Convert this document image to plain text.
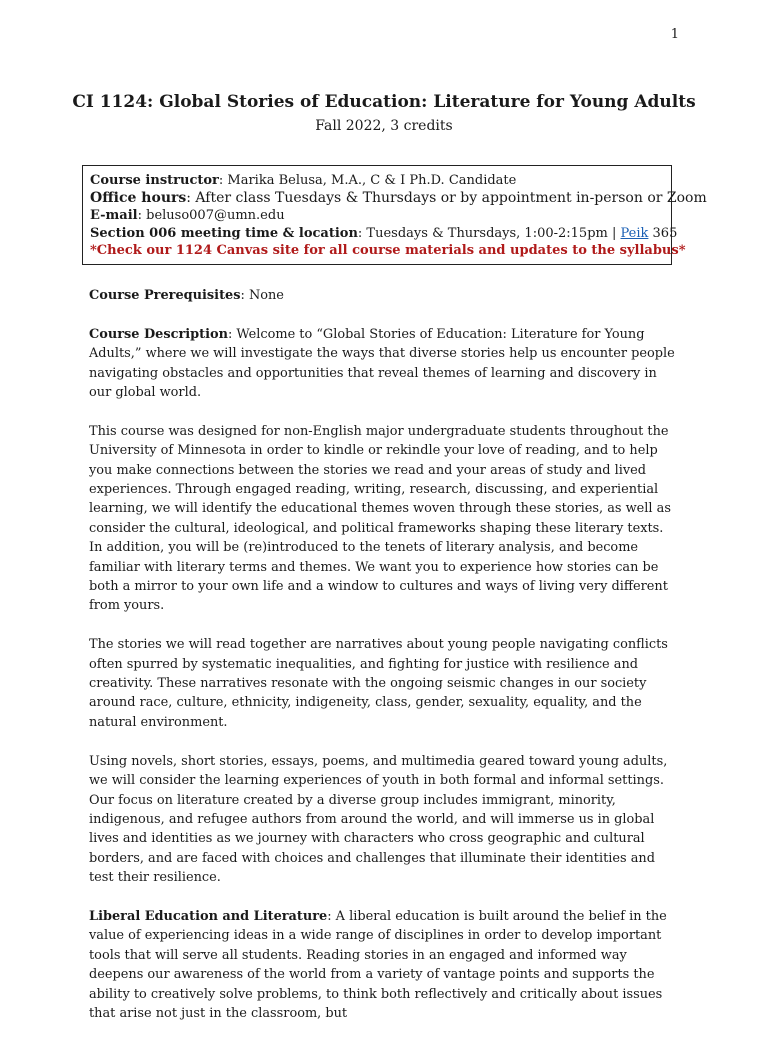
1
CI 1124: Global Stories of Education: Literature for Young Adults
Fall 2022, 3 credits
Course instructor: Marika Belusa, M.A., C & I Ph.D. Candidate
Office hours: After class Tuesdays & Thursdays or by appointment in-person or Zoom
E-mail: beluso007@umn.edu
Section 006 meeting time & location: Tuesdays & Thursdays, 1:00-2:15pm | Peik 365
*Check our 1124 Canvas site for all course materials and updates to the syllabus*

Course Prerequisites: None

Course Description: Welcome to “Global Stories of Education: Literature for Young Adults,” where we will investigate the ways that diverse stories help us encounter people navigating obstacles and opportunities that reveal themes of learning and discovery in our global world.

This course was designed for non-English major undergraduate students throughout the University of Minnesota in order to kindle or rekindle your love of reading, and to help you make connections between the stories we read and your areas of study and lived experiences. Through engaged reading, writing, research, discussing, and experiential learning, we will identify the educational themes woven through these stories, as well as consider the cultural, ideological, and political frameworks shaping these literary texts. In addition, you will be (re)introduced to the tenets of literary analysis, and become familiar with literary terms and themes. We want you to experience how stories can be both a mirror to your own life and a window to cultures and ways of living very different from yours.

The stories we will read together are narratives about young people navigating conflicts often spurred by systematic inequalities, and fighting for justice with resilience and creativity. These narratives resonate with the ongoing seismic changes in our society around race, culture, ethnicity, indigeneity, class, gender, sexuality, equality, and the natural environment.

Using novels, short stories, essays, poems, and multimedia geared toward young adults, we will consider the learning experiences of youth in both formal and informal settings. Our focus on literature created by a diverse group includes immigrant, minority, indigenous, and refugee authors from around the world, and will immerse us in global lives and identities as we journey with characters who cross geographic and cultural borders, and are faced with choices and challenges that illuminate their identities and test their resilience.

Liberal Education and Literature: A liberal education is built around the belief in the value of experiencing ideas in a wide range of disciplines in order to develop important tools that will serve all students. Reading stories in an engaged and informed way deepens our awareness of the world from a variety of vantage points and supports the ability to creatively solve problems, to think both reflectively and critically about issues that arise not just in the classroom, but
